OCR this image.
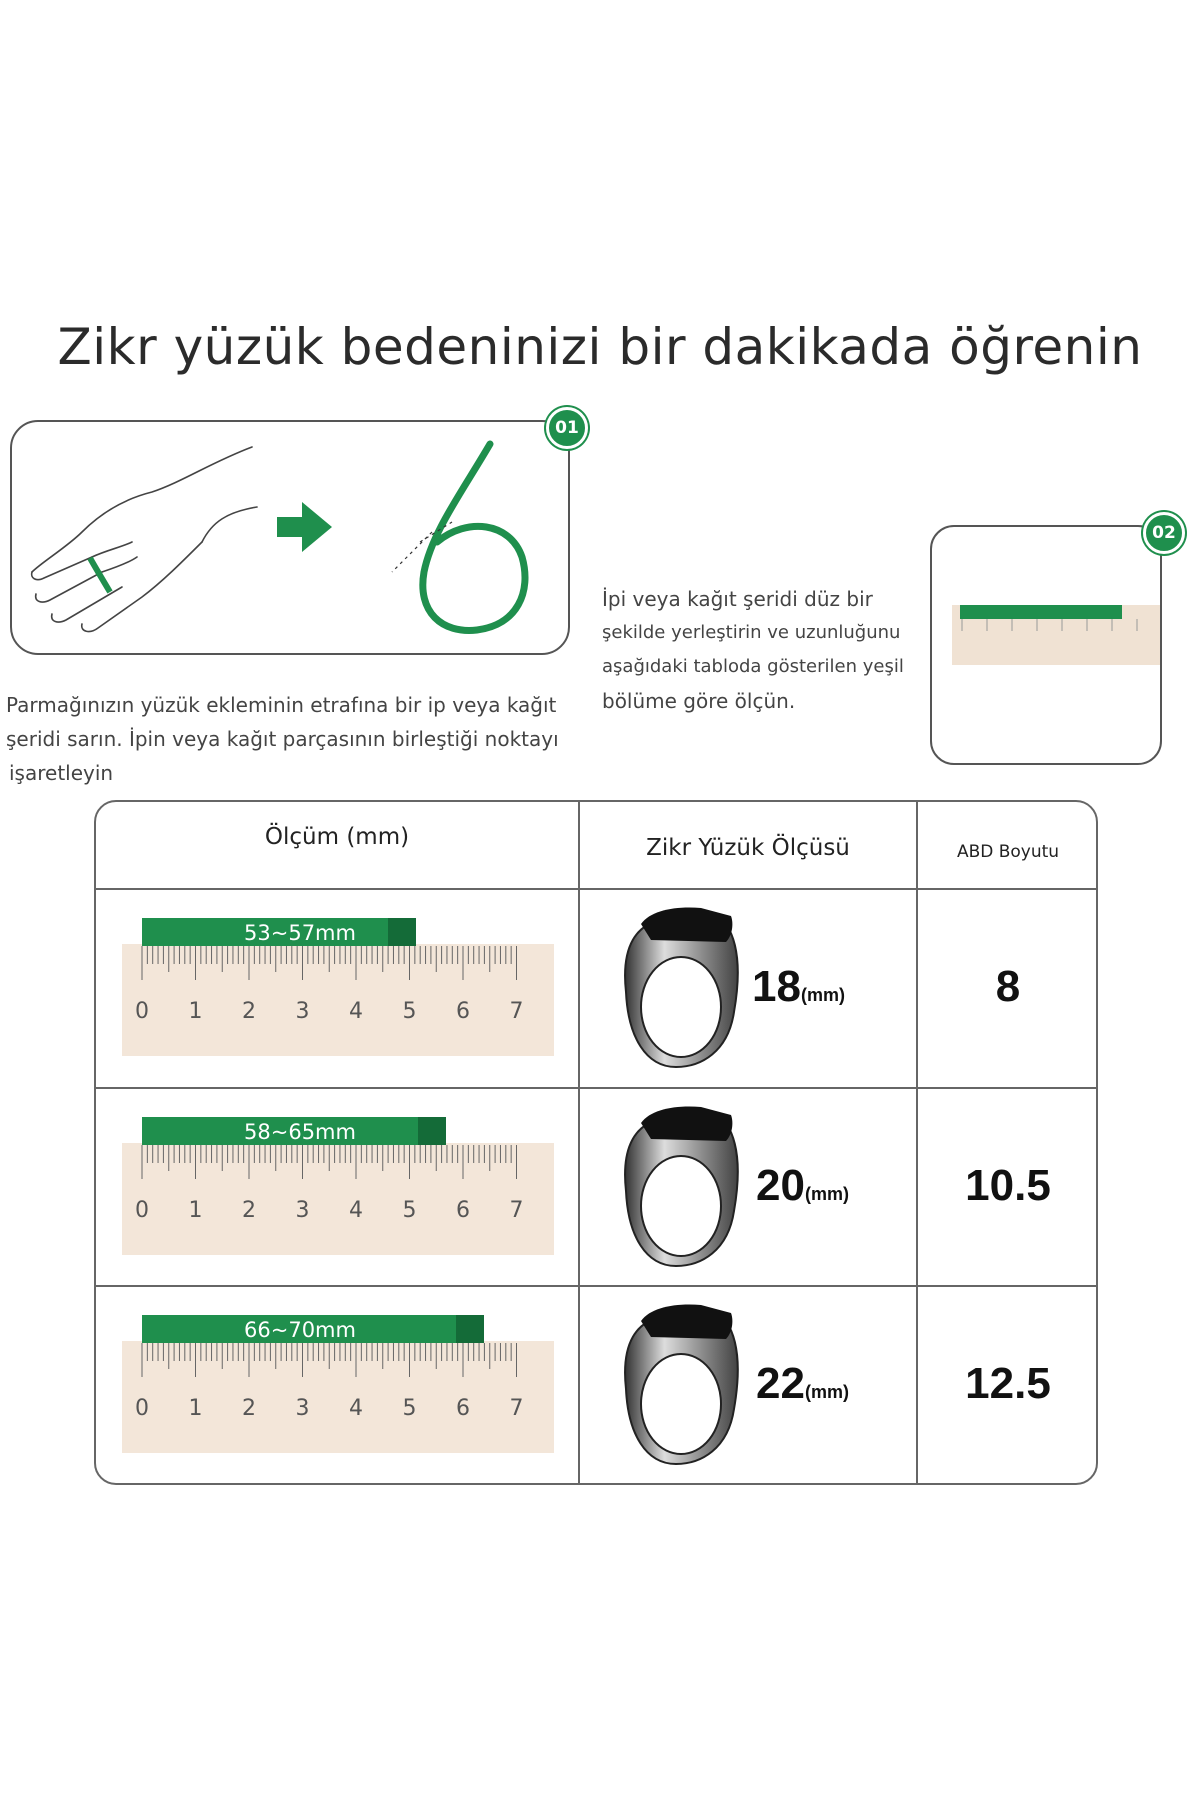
Zikr yüzük bedeninizi bir dakikada öğrenin
01
Parmağınızın yüzük ekleminin etrafına bir ip veya kağıt
şeridi sarın. İpin veya kağıt parçasının birleştiği noktayı
işaretleyin
İpi veya kağıt şeridi düz bir
şekilde yerleştirin ve uzunluğunu
aşağıdaki tabloda gösterilen yeşil
bölüme göre ölçün.
02
Ölçüm (mm)	Zikr Yüzük Ölçüsü	ABD Boyutu
0 1 2 3 4 5 6 7
53~57mm
18(mm)	8
0 1 2 3 4 5 6 7
58~65mm
20(mm)	10.5
0 1 2 3 4 5 6 7
66~70mm
22(mm)	12.5
